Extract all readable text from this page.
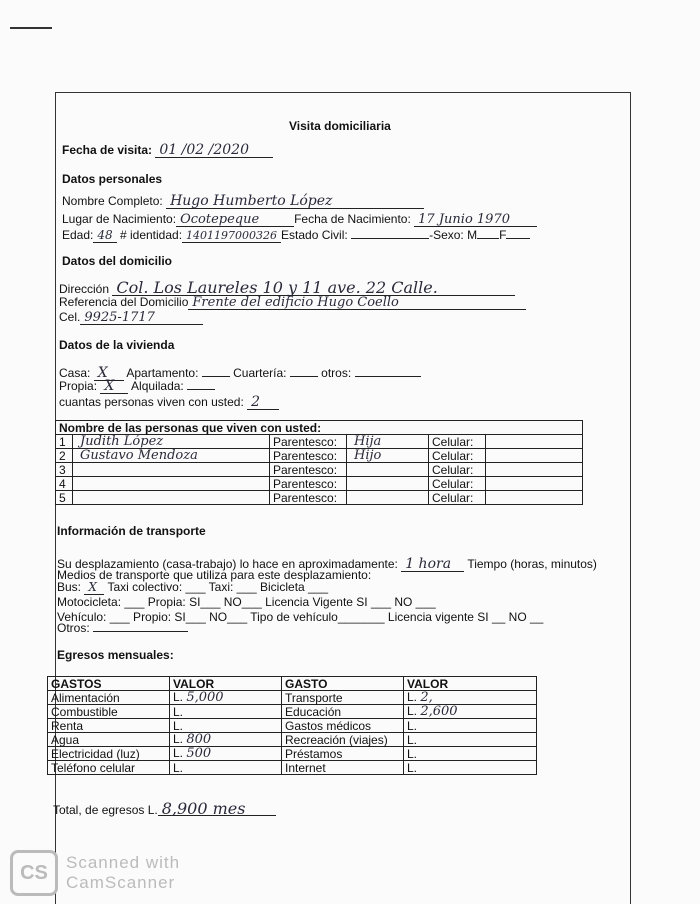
Visita domiciliaria
Fecha de visita: 01 /02 /2020
Datos personales
Nombre Completo: Hugo Humberto López
Lugar de Nacimiento: Ocotepeque	Fecha de Nacimiento: 17 Junio 1970
Edad: 48 # identidad: 1401197000326 Estado Civil:	-Sexo: M F
Datos del domicilio
Dirección Col. Los Laureles 10 y 11 ave. 22 Calle.
Referencia del Domicilio Frente del edificio Hugo Coello
Cel. 9925-1717
Datos de la vivienda
Casa: X Apartamento:	Cuartería:	otros:
Propia: X Alquilada:
cuantas personas viven con usted: 2
Nombre de las personas que viven con usted:					
1	Judith López	Parentesco:	Hija	Celular:	
2	Gustavo Mendoza	Parentesco:	Hijo	Celular:	
3		Parentesco:		Celular:	
4		Parentesco:		Celular:	
5		Parentesco:		Celular:	
Información de transporte
Su desplazamiento (casa-trabajo) lo hace en aproximadamente: 1 hora Tiempo (horas, minutos)
Medios de transporte que utiliza para este desplazamiento:
Bus: X Taxi colectivo: ___ Taxi: ___ Bicicleta ___
Motocicleta: ___ Propia: SI___ NO___ Licencia Vigente SI ___ NO ___
Vehículo: ___ Propio: SI___ NO___ Tipo de vehículo_______ Licencia vigente SI __ NO __
Otros:
Egresos mensuales:
GASTOS	VALOR	GASTO	VALOR
Alimentación	L. 5,000	Transporte	L. 2,
Combustible	L.	Educación	L. 2,600
Renta	L.	Gastos médicos	L.
Agua	L. 800	Recreación (viajes)	L.
Electricidad (luz)	L. 500	Préstamos	L.
Teléfono celular	L.	Internet	L.
Total, de egresos L. 8,900 mes
CS	Scanned with
CamScanner
